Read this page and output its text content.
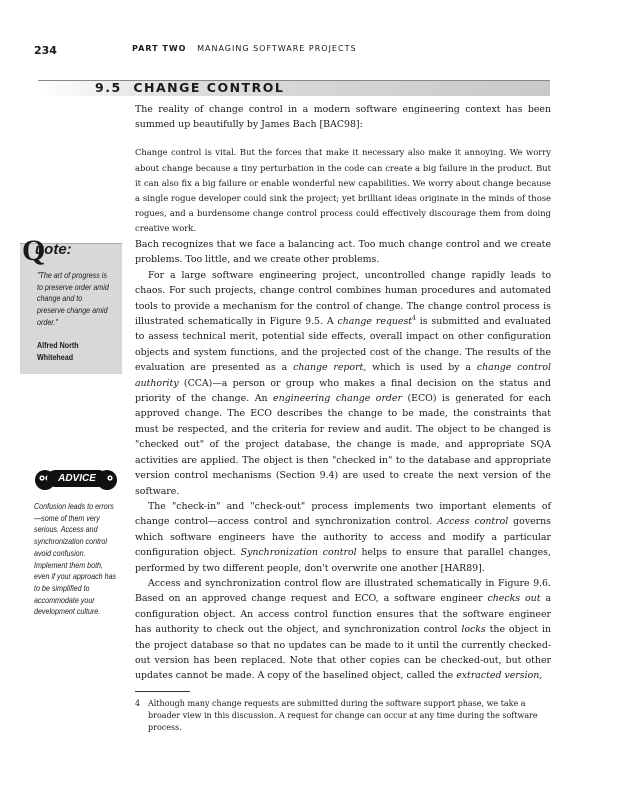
234	PART TWO MANAGING SOFTWARE PROJECTS
9.5 CHANGE CONTROL

The reality of change control in a modern software engineering context has been summed up beautifully by James Bach [BAC98]:

Change control is vital. But the forces that make it necessary also make it annoying. We worry about change because a tiny perturbation in the code can create a big failure in the product. But it can also fix a big failure or enable wonderful new capabilities. We worry about change because a single rogue developer could sink the project; yet brilliant ideas originate in the minds of those rogues, and a burdensome change control process could effectively discourage them from doing creative work.

Bach recognizes that we face a balancing act. Too much change control and we create problems. Too little, and we create other problems.

For a large software engineering project, uncontrolled change rapidly leads to chaos. For such projects, change control combines human procedures and automated tools to provide a mechanism for the control of change. The change control process is illustrated schematically in Figure 9.5. A change request$^4$ is submitted and evaluated to assess technical merit, potential side effects, overall impact on other configuration objects and system functions, and the projected cost of the change. The results of the evaluation are presented as a change report, which is used by a change control authority (CCA)—a person or group who makes a final decision on the status and priority of the change. An engineering change order (ECO) is generated for each approved change. The ECO describes the change to be made, the constraints that must be respected, and the criteria for review and audit. The object to be changed is "checked out" of the project database, the change is made, and appropriate SQA activities are applied. The object is then "checked in" to the database and appropriate version control mechanisms (Section 9.4) are used to create the next version of the software.

The "check-in" and "check-out" process implements two important elements of change control—access control and synchronization control. Access control governs which software engineers have the authority to access and modify a particular configuration object. Synchronization control helps to ensure that parallel changes, performed by two different people, don't overwrite one another [HAR89].

Access and synchronization control flow are illustrated schematically in Figure 9.6. Based on an approved change request and ECO, a software engineer checks out a configuration object. An access control function ensures that the software engineer has authority to check out the object, and synchronization control locks the object in the project database so that no updates can be made to it until the currently checked-out version has been replaced. Note that other copies can be checked-out, but other updates cannot be made. A copy of the baselined object, called the extracted version,

Q
uote:
"The art of progress is to preserve order amid change and to preserve change amid order."
Alfred North Whitehead
ADVICE
Confusion leads to errors—some of them very serious. Access and synchronization control avoid confusion. Implement them both, even if your approach has to be simplified to accommodate your development culture.
4 Although many change requests are submitted during the software support phase, we take a broader view in this discussion. A request for change can occur at any time during the software process.
